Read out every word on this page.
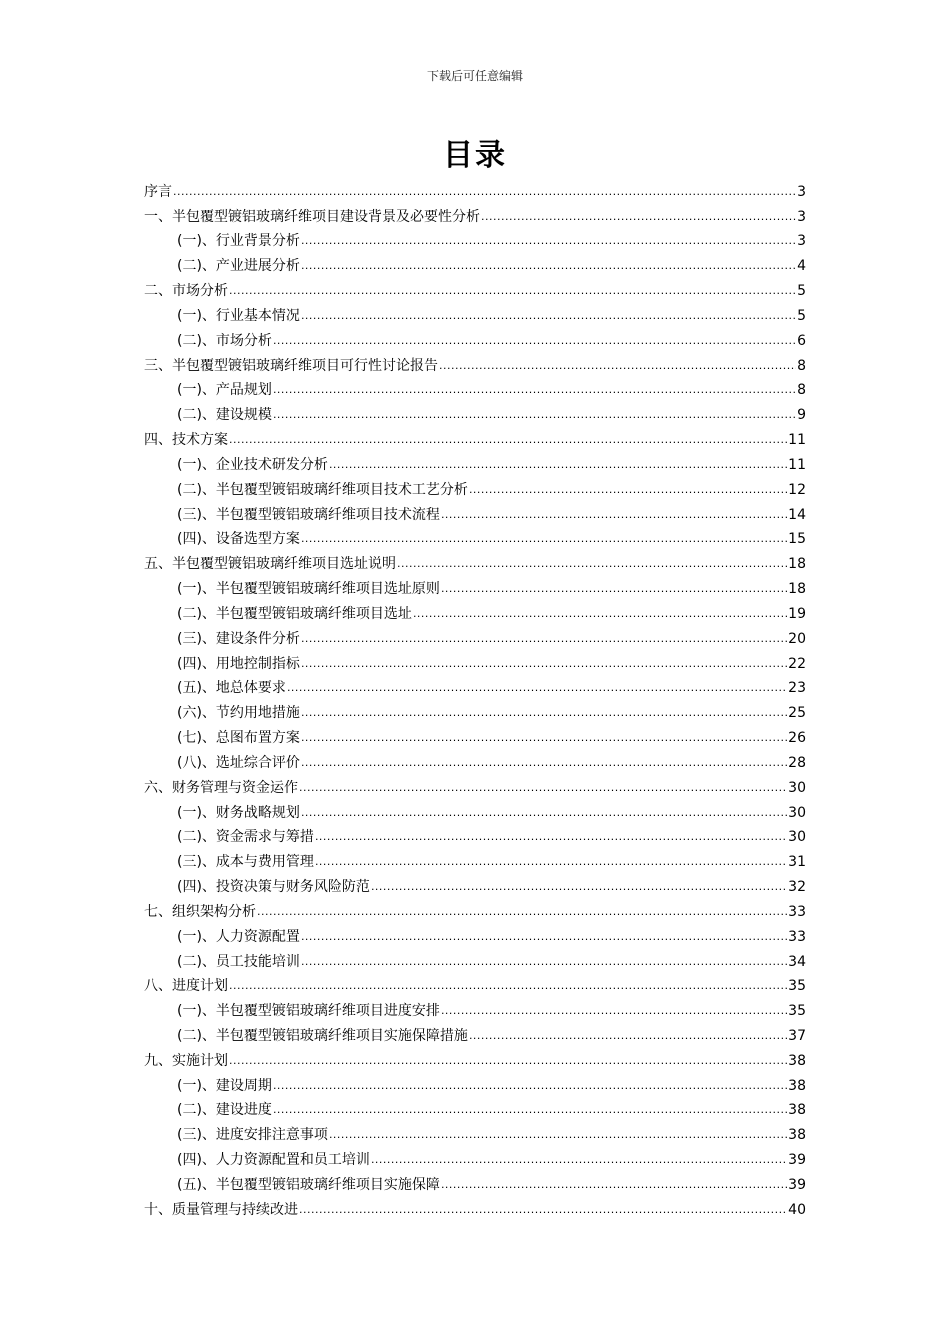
下载后可任意编辑
目录
序言 .....	3
一、半包覆型镀铝玻璃纤维项目建设背景及必要性分析 .....	3
(一)、行业背景分析 .....	3
(二)、产业进展分析 .....	4
二、市场分析 .....	5
(一)、行业基本情况 .....	5
(二)、市场分析 .....	6
三、半包覆型镀铝玻璃纤维项目可行性讨论报告 .....	8
(一)、产品规划 .....	8
(二)、建设规模 .....	9
四、技术方案 .....	11
(一)、企业技术研发分析 .....	11
(二)、半包覆型镀铝玻璃纤维项目技术工艺分析 .....	12
(三)、半包覆型镀铝玻璃纤维项目技术流程 .....	14
(四)、设备选型方案 .....	15
五、半包覆型镀铝玻璃纤维项目选址说明 .....	18
(一)、半包覆型镀铝玻璃纤维项目选址原则 .....	18
(二)、半包覆型镀铝玻璃纤维项目选址 .....	19
(三)、建设条件分析 .....	20
(四)、用地控制指标 .....	22
(五)、地总体要求 .....	23
(六)、节约用地措施 .....	25
(七)、总图布置方案 .....	26
(八)、选址综合评价 .....	28
六、财务管理与资金运作 .....	30
(一)、财务战略规划 .....	30
(二)、资金需求与筹措 .....	30
(三)、成本与费用管理 .....	31
(四)、投资决策与财务风险防范 .....	32
七、组织架构分析 .....	33
(一)、人力资源配置 .....	33
(二)、员工技能培训 .....	34
八、进度计划 .....	35
(一)、半包覆型镀铝玻璃纤维项目进度安排 .....	35
(二)、半包覆型镀铝玻璃纤维项目实施保障措施 .....	37
九、实施计划 .....	38
(一)、建设周期 .....	38
(二)、建设进度 .....	38
(三)、进度安排注意事项 .....	38
(四)、人力资源配置和员工培训 .....	39
(五)、半包覆型镀铝玻璃纤维项目实施保障 .....	39
十、质量管理与持续改进 .....	40
